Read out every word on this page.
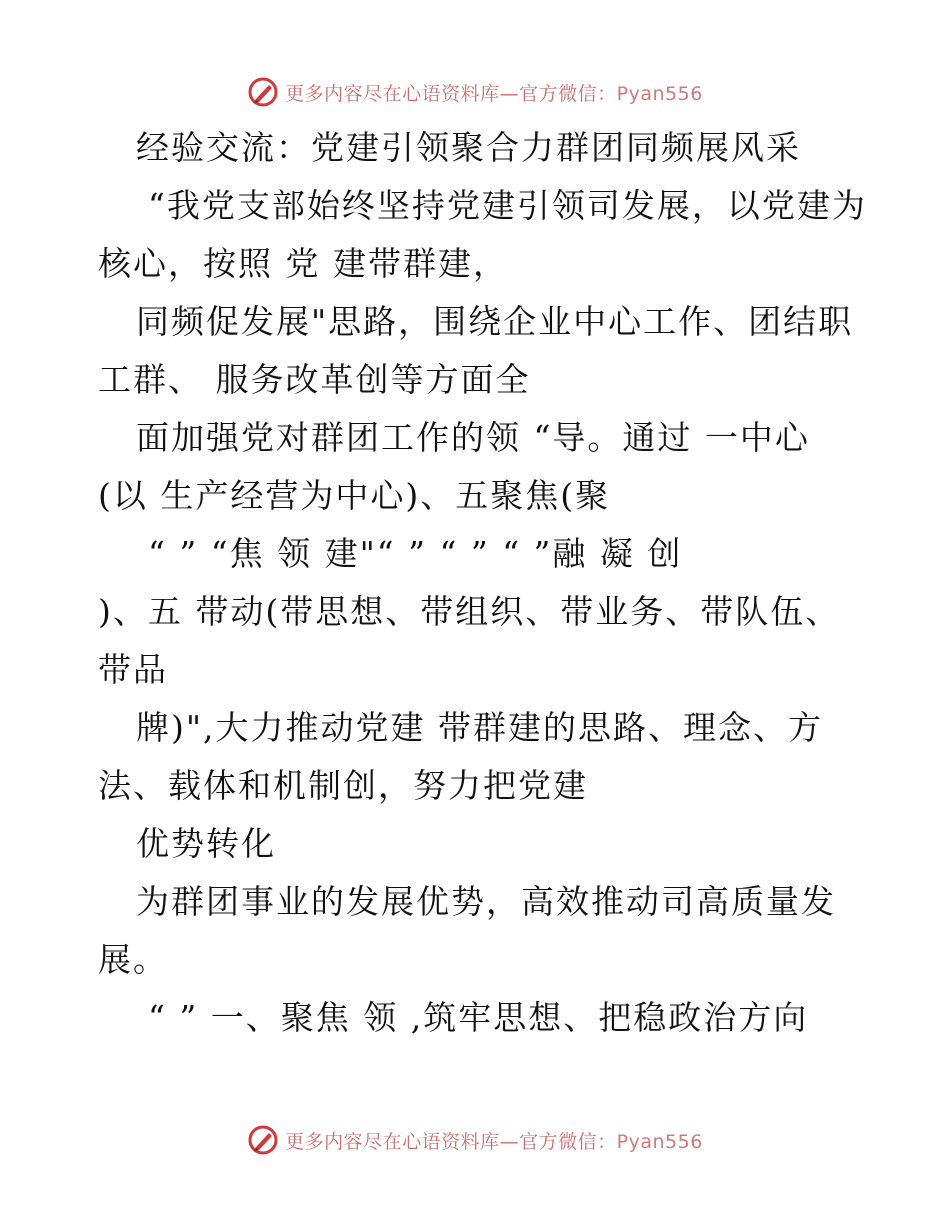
更多内容尽在心语资料库—官方微信：Pyan556
经验交流：党建引领聚合力群团同频展风采
“我党支部始终坚持党建引领司发展，以党建为
核心，按照 党 建带群建，
同频促发展"思路，围绕企业中心工作、团结职
工群、 服务改革创等方面全
面加强党对群团工作的领 “导。通过 一中心
(以 生产经营为中心)、五聚焦(聚
“ ” “焦 领 建"“ ” “ ” “ ”融 凝 创
)、五 带动(带思想、带组织、带业务、带队伍、
带品
牌)",大力推动党建 带群建的思路、理念、方
法、载体和机制创，努力把党建
优势转化
为群团事业的发展优势，高效推动司高质量发
展。
“ ” 一、聚焦 领 ,筑牢思想、把稳政治方向
更多内容尽在心语资料库—官方微信：Pyan556
